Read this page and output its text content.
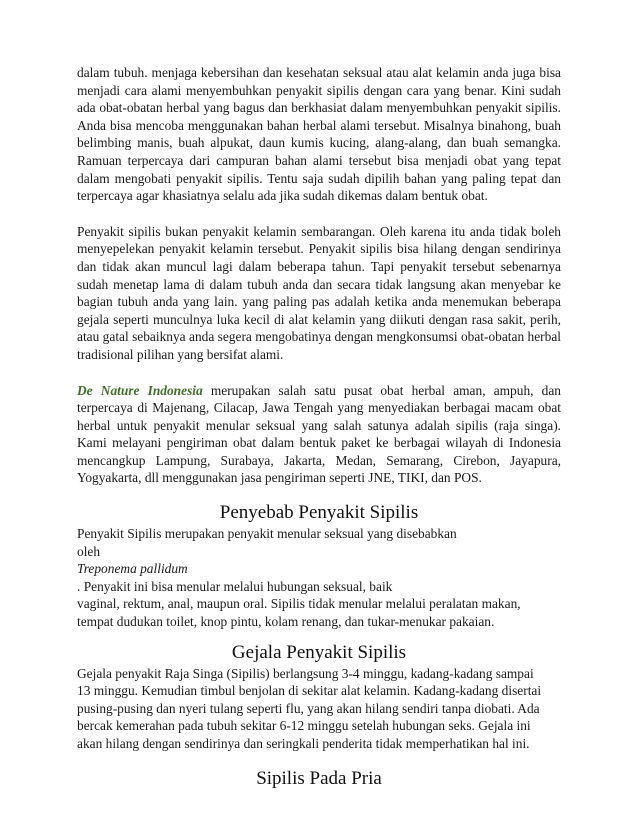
dalam tubuh. menjaga kebersihan dan kesehatan seksual atau alat kelamin anda juga bisa menjadi cara alami menyembuhkan penyakit sipilis dengan cara yang benar. Kini sudah ada obat-obatan herbal yang bagus dan berkhasiat dalam menyembuhkan penyakit sipilis. Anda bisa mencoba menggunakan bahan herbal alami tersebut. Misalnya binahong, buah belimbing manis, buah alpukat, daun kumis kucing, alang-alang, dan buah semangka. Ramuan terpercaya dari campuran bahan alami tersebut bisa menjadi obat yang tepat dalam mengobati penyakit sipilis. Tentu saja sudah dipilih bahan yang paling tepat dan terpercaya agar khasiatnya selalu ada jika sudah dikemas dalam bentuk obat.

Penyakit sipilis bukan penyakit kelamin sembarangan. Oleh karena itu anda tidak boleh menyepelekan penyakit kelamin tersebut. Penyakit sipilis bisa hilang dengan sendirinya dan tidak akan muncul lagi dalam beberapa tahun. Tapi penyakit tersebut sebenarnya sudah menetap lama di dalam tubuh anda dan secara tidak langsung akan menyebar ke bagian tubuh anda yang lain. yang paling pas adalah ketika anda menemukan beberapa gejala seperti munculnya luka kecil di alat kelamin yang diikuti dengan rasa sakit, perih, atau gatal sebaiknya anda segera mengobatinya dengan mengkonsumsi obat-obatan herbal tradisional pilihan yang bersifat alami.

De Nature Indonesia merupakan salah satu pusat obat herbal aman, ampuh, dan terpercaya di Majenang, Cilacap, Jawa Tengah yang menyediakan berbagai macam obat herbal untuk penyakit menular seksual yang salah satunya adalah sipilis (raja singa). Kami melayani pengiriman obat dalam bentuk paket ke berbagai wilayah di Indonesia mencangkup Lampung, Surabaya, Jakarta, Medan, Semarang, Cirebon, Jayapura, Yogyakarta, dll menggunakan jasa pengiriman seperti JNE, TIKI, dan POS.

Penyebab Penyakit Sipilis
Penyakit Sipilis merupakan penyakit menular seksual yang disebabkan
oleh
Treponema pallidum
. Penyakit ini bisa menular melalui hubungan seksual, baik
vaginal, rektum, anal, maupun oral. Sipilis tidak menular melalui peralatan makan,
tempat dudukan toilet, knop pintu, kolam renang, dan tukar-menukar pakaian.
Gejala Penyakit Sipilis
Gejala penyakit Raja Singa (Sipilis) berlangsung 3-4 minggu, kadang-kadang sampai
13 minggu. Kemudian timbul benjolan di sekitar alat kelamin. Kadang-kadang disertai
pusing-pusing dan nyeri tulang seperti flu, yang akan hilang sendiri tanpa diobati. Ada
bercak kemerahan pada tubuh sekitar 6-12 minggu setelah hubungan seks. Gejala ini
akan hilang dengan sendirinya dan seringkali penderita tidak memperhatikan hal ini.
Sipilis Pada Pria
